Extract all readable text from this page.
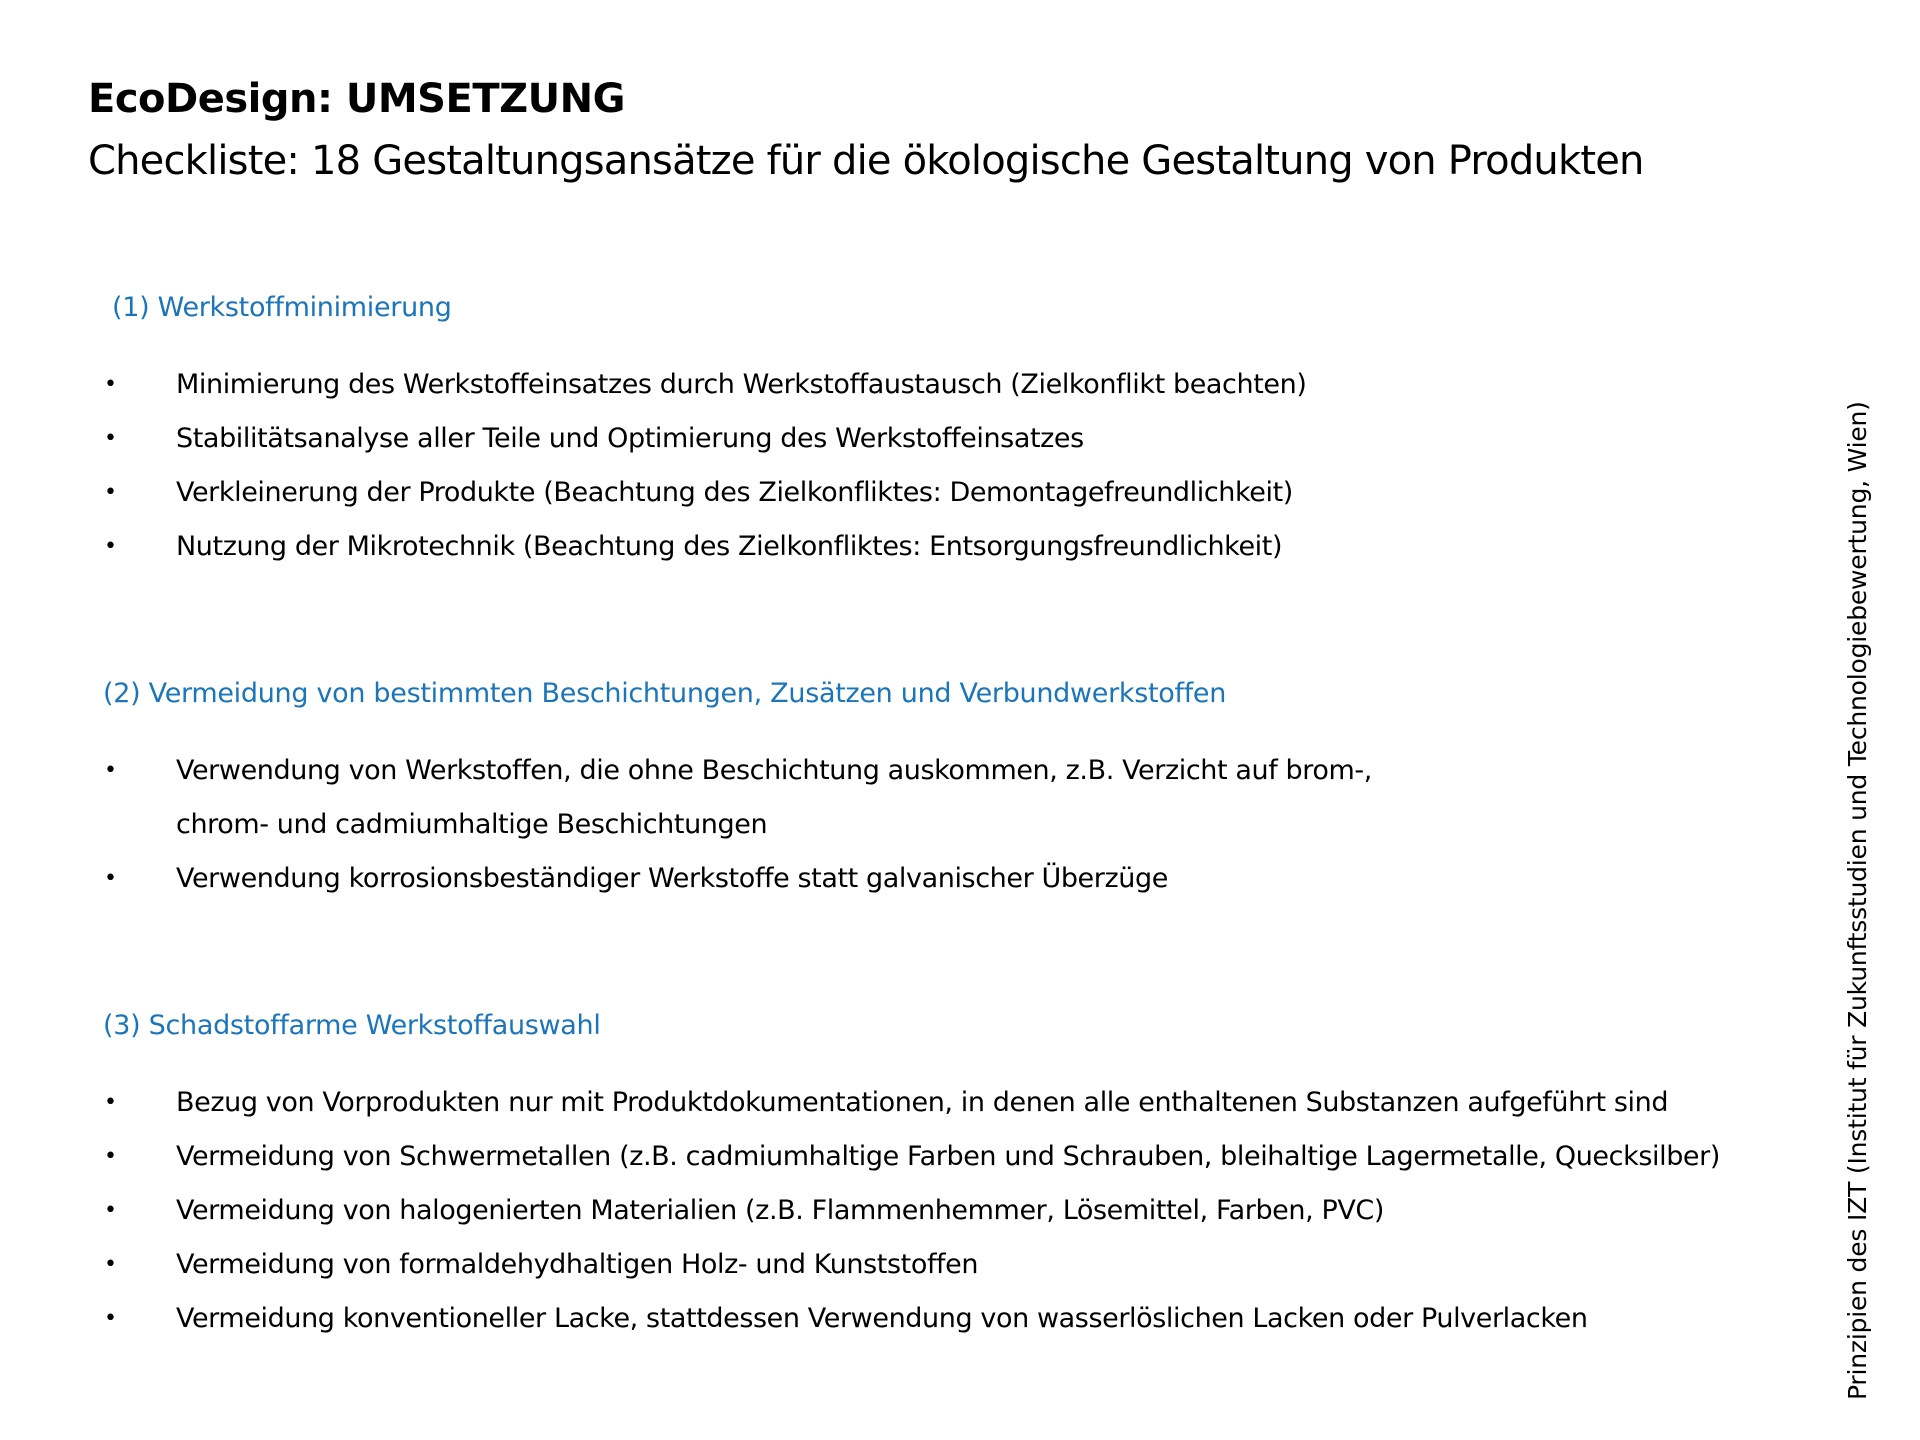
EcoDesign: UMSETZUNG
Checkliste: 18 Gestaltungsansätze für die ökologische Gestaltung von Produkten
(1) Werkstoffminimierung
• Minimierung des Werkstoffeinsatzes durch Werkstoffaustausch (Zielkonflikt beachten)
• Stabilitätsanalyse aller Teile und Optimierung des Werkstoffeinsatzes
• Verkleinerung der Produkte (Beachtung des Zielkonfliktes: Demontagefreundlichkeit)
• Nutzung der Mikrotechnik (Beachtung des Zielkonfliktes: Entsorgungsfreundlichkeit)
(2) Vermeidung von bestimmten Beschichtungen, Zusätzen und Verbundwerkstoffen
• Verwendung von Werkstoffen, die ohne Beschichtung auskommen, z.B. Verzicht auf brom-,
chrom- und cadmiumhaltige Beschichtungen
• Verwendung korrosionsbeständiger Werkstoffe statt galvanischer Überzüge
(3) Schadstoffarme Werkstoffauswahl
• Bezug von Vorprodukten nur mit Produktdokumentationen, in denen alle enthaltenen Substanzen aufgeführt sind
• Vermeidung von Schwermetallen (z.B. cadmiumhaltige Farben und Schrauben, bleihaltige Lagermetalle, Quecksilber)
• Vermeidung von halogenierten Materialien (z.B. Flammenhemmer, Lösemittel, Farben, PVC)
• Vermeidung von formaldehydhaltigen Holz- und Kunststoffen
• Vermeidung konventioneller Lacke, stattdessen Verwendung von wasserlöslichen Lacken oder Pulverlacken	Prinzipien des IZT (Institut für Zukunftsstudien und Technologiebewertung, Wien)
